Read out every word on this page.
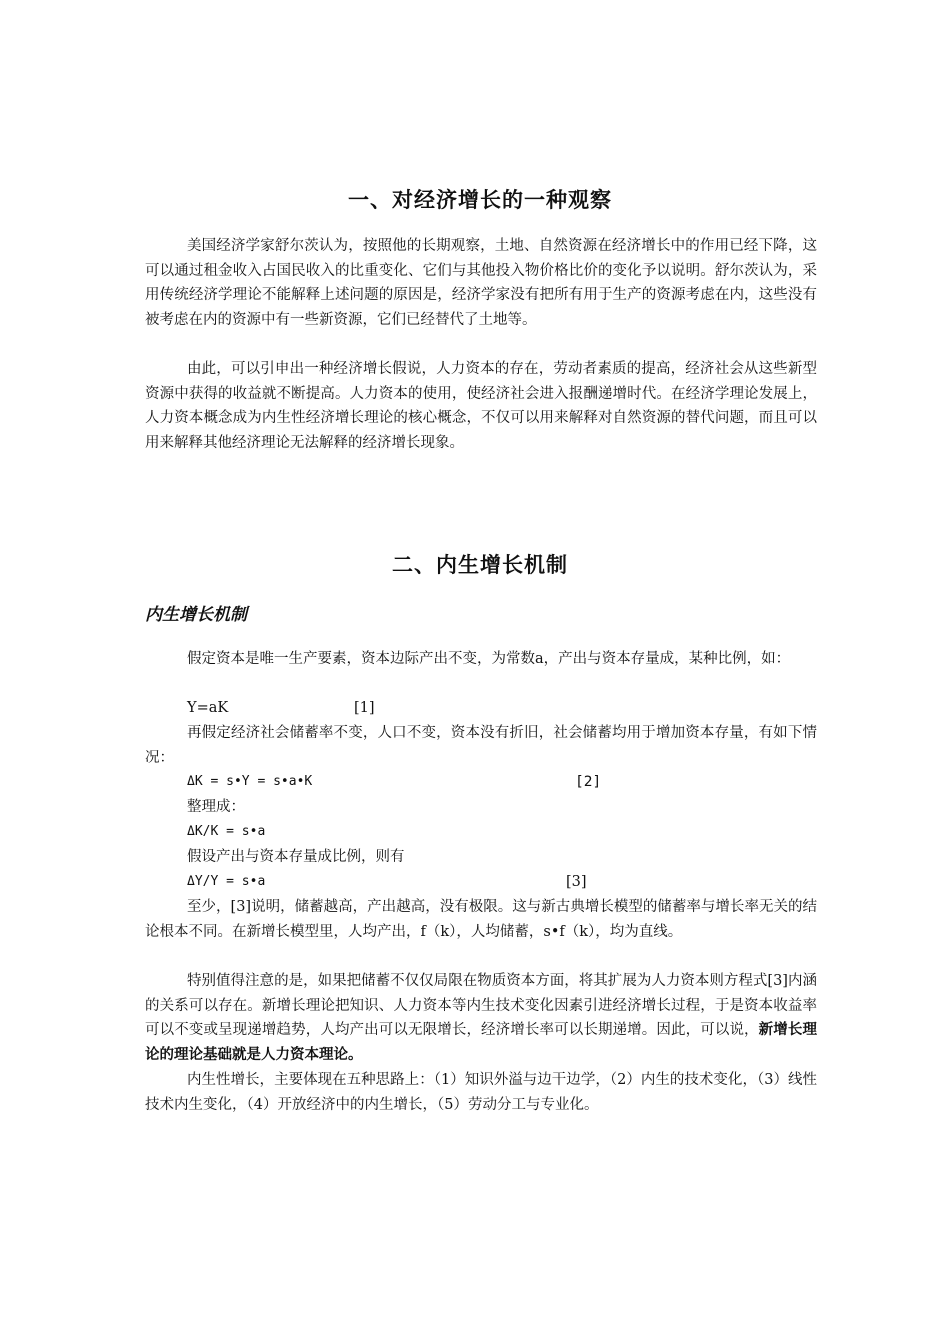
一、对经济增长的一种观察

美国经济学家舒尔茨认为，按照他的长期观察，土地、自然资源在经济增长中的作用已经下降，这可以通过租金收入占国民收入的比重变化、它们与其他投入物价格比价的变化予以说明。舒尔茨认为，采用传统经济学理论不能解释上述问题的原因是，经济学家没有把所有用于生产的资源考虑在内，这些没有被考虑在内的资源中有一些新资源，它们已经替代了土地等。

由此，可以引申出一种经济增长假说，人力资本的存在，劳动者素质的提高，经济社会从这些新型资源中获得的收益就不断提高。人力资本的使用，使经济社会进入报酬递增时代。在经济学理论发展上，人力资本概念成为内生性经济增长理论的核心概念，不仅可以用来解释对自然资源的替代问题，而且可以用来解释其他经济理论无法解释的经济增长现象。

二、内生增长机制
内生增长机制

假定资本是唯一生产要素，资本边际产出不变，为常数a，产出与资本存量成，某种比例，如：

Y=aK	[1]

再假定经济社会储蓄率不变，人口不变，资本没有折旧，社会储蓄均用于增加资本存量，有如下情况：

ΔK = s•Y = s•a•K	[2]
整理成：
ΔK/K = s•a
假设产出与资本存量成比例，则有
ΔY/Y = s•a	[3]

至少，[3]说明，储蓄越高，产出越高，没有极限。这与新古典增长模型的储蓄率与增长率无关的结论根本不同。在新增长模型里，人均产出，f（k），人均储蓄，s•f（k），均为直线。

特别值得注意的是，如果把储蓄不仅仅局限在物质资本方面，将其扩展为人力资本则方程式[3]内涵的关系可以存在。新增长理论把知识、人力资本等内生技术变化因素引进经济增长过程，于是资本收益率可以不变或呈现递增趋势，人均产出可以无限增长，经济增长率可以长期递增。因此，可以说，新增长理论的理论基础就是人力资本理论。

内生性增长，主要体现在五种思路上：（1）知识外溢与边干边学，（2）内生的技术变化，（3）线性技术内生变化，（4）开放经济中的内生增长，（5）劳动分工与专业化。
